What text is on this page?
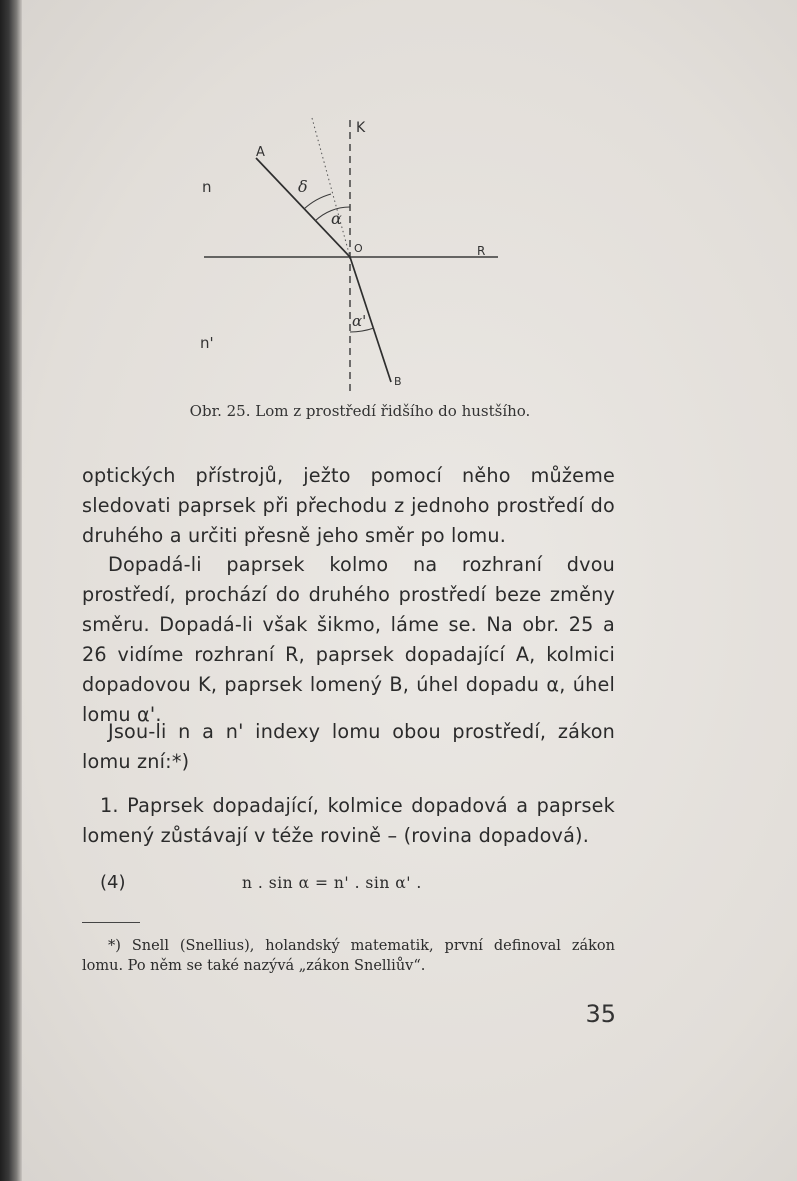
K
A
n	δ
α
O	R
n'
α'
B
Obr. 25. Lom z prostředí řidšího do hustšího.

optických přístrojů, ježto pomocí něho můžeme sledovati paprsek při přechodu z jednoho prostředí do druhého a určiti přesně jeho směr po lomu.

Dopadá-li paprsek kolmo na rozhraní dvou prostředí, prochází do druhého prostředí beze změny směru. Dopadá-li však šikmo, láme se. Na obr. 25 a 26 vidíme rozhraní R, paprsek dopadající A, kolmici dopadovou K, paprsek lomený B, úhel dopadu α, úhel lomu α'.

Jsou-li n a n' indexy lomu obou prostředí, zákon lomu zní:*)

1. Paprsek dopadající, kolmice dopadová a paprsek lomený zůstávají v téže rovině – (rovina dopadová).

(4)	n . sin α = n' . sin α' .

*) Snell (Snellius), holandský matematik, první definoval zákon lomu. Po něm se také nazývá „zákon Snelliův“.

35
